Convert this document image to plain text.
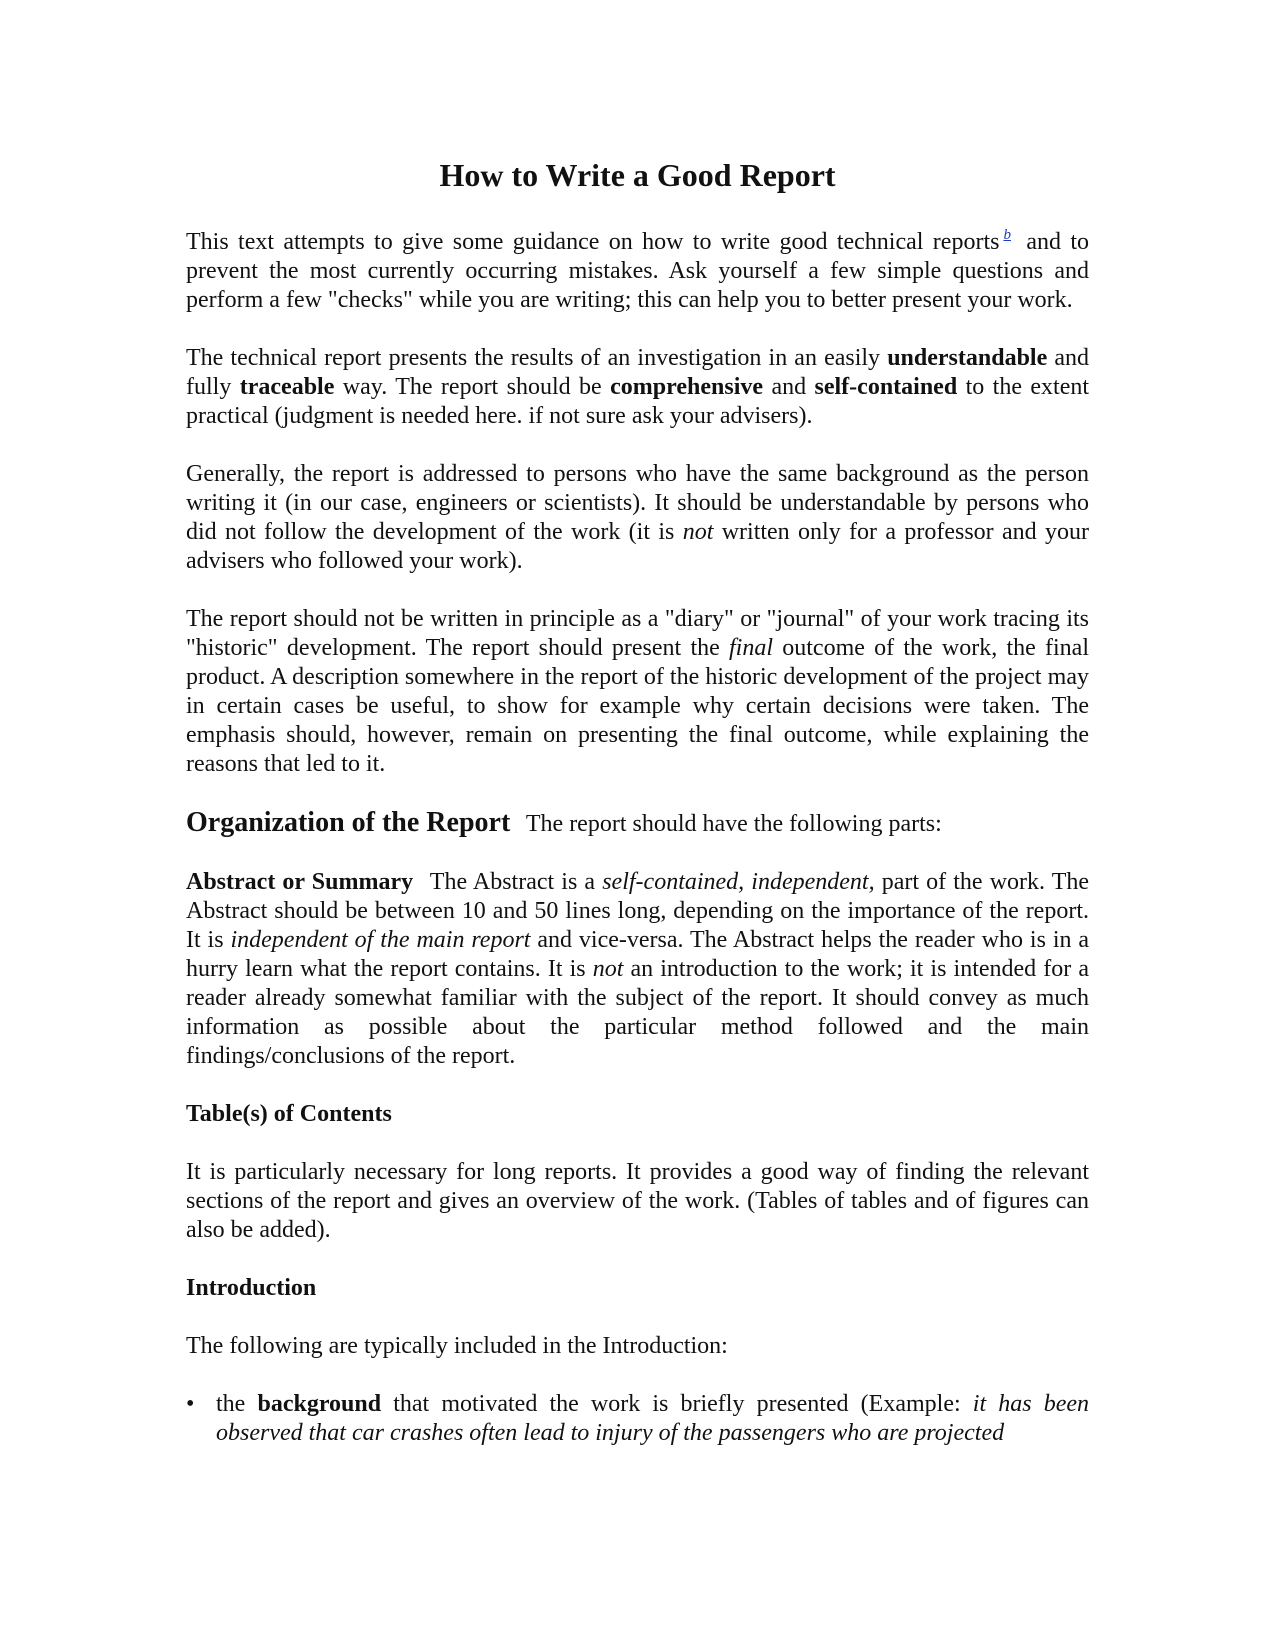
How to Write a Good Report

This text attempts to give some guidance on how to write good technical reports $^b$ and to prevent the most currently occurring mistakes. Ask yourself a few simple questions and perform a few "checks" while you are writing; this can help you to better present your work.

The technical report presents the results of an investigation in an easily understandable and fully traceable way. The report should be comprehensive and self-contained to the extent practical (judgment is needed here. if not sure ask your advisers).

Generally, the report is addressed to persons who have the same background as the person writing it (in our case, engineers or scientists). It should be understandable by persons who did not follow the development of the work (it is not written only for a professor and your advisers who followed your work).

The report should not be written in principle as a "diary" or "journal" of your work tracing its "historic" development. The report should present the final outcome of the work, the final product. A description somewhere in the report of the historic development of the project may in certain cases be useful, to show for example why certain decisions were taken. The emphasis should, however, remain on presenting the final outcome, while explaining the reasons that led to it.

Organization of the Report The report should have the following parts:

Abstract or Summary The Abstract is a self-contained, independent, part of the work. The Abstract should be between 10 and 50 lines long, depending on the importance of the report. It is independent of the main report and vice-versa. The Abstract helps the reader who is in a hurry learn what the report contains. It is not an introduction to the work; it is intended for a reader already somewhat familiar with the subject of the report. It should convey as much information as possible about the particular method followed and the main findings/conclusions of the report.

Table(s) of Contents

It is particularly necessary for long reports. It provides a good way of finding the relevant sections of the report and gives an overview of the work. (Tables of tables and of figures can also be added).

Introduction

The following are typically included in the Introduction:

• the background that motivated the work is briefly presented (Example: it has been observed that car crashes often lead to injury of the passengers who are projected
